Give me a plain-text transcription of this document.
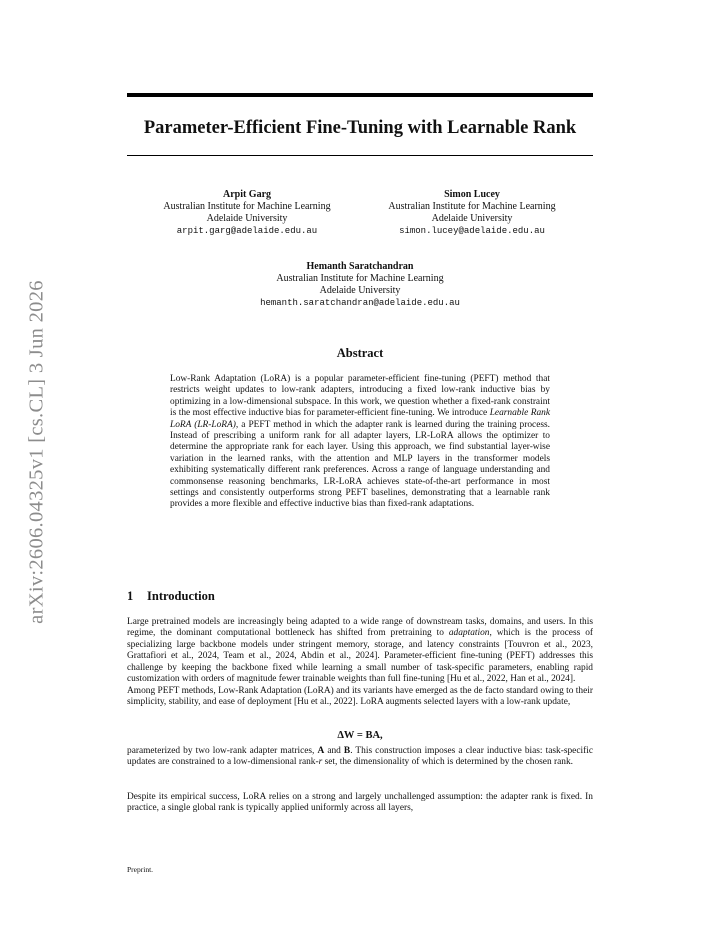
arXiv:2606.04325v1 [cs.CL] 3 Jun 2026
Parameter-Efficient Fine-Tuning with Learnable Rank
Arpit Garg
Australian Institute for Machine Learning
Adelaide University
arpit.garg@adelaide.edu.au
Simon Lucey
Australian Institute for Machine Learning
Adelaide University
simon.lucey@adelaide.edu.au
Hemanth Saratchandran
Australian Institute for Machine Learning
Adelaide University
hemanth.saratchandran@adelaide.edu.au
Abstract
Low-Rank Adaptation (LoRA) is a popular parameter-efficient fine-tuning (PEFT) method that restricts weight updates to low-rank adapters, introducing a fixed low-rank inductive bias by optimizing in a low-dimensional subspace. In this work, we question whether a fixed-rank constraint is the most effective inductive bias for parameter-efficient fine-tuning. We introduce Learnable Rank LoRA (LR-LoRA), a PEFT method in which the adapter rank is learned during the training process. Instead of prescribing a uniform rank for all adapter layers, LR-LoRA allows the optimizer to determine the appropriate rank for each layer. Using this approach, we find substantial layer-wise variation in the learned ranks, with the attention and MLP layers in the transformer models exhibiting systematically different rank preferences. Across a range of language understanding and commonsense reasoning benchmarks, LR-LoRA achieves state-of-the-art performance in most settings and consistently outperforms strong PEFT baselines, demonstrating that a learnable rank provides a more flexible and effective inductive bias than fixed-rank adaptations.
1 Introduction
Large pretrained models are increasingly being adapted to a wide range of downstream tasks, domains, and users. In this regime, the dominant computational bottleneck has shifted from pretraining to adaptation, which is the process of specializing large backbone models under stringent memory, storage, and latency constraints [Touvron et al., 2023, Grattafiori et al., 2024, Team et al., 2024, Abdin et al., 2024]. Parameter-efficient fine-tuning (PEFT) addresses this challenge by keeping the backbone fixed while learning a small number of task-specific parameters, enabling rapid customization with orders of magnitude fewer trainable weights than full fine-tuning [Hu et al., 2022, Han et al., 2024].
Among PEFT methods, Low-Rank Adaptation (LoRA) and its variants have emerged as the de facto standard owing to their simplicity, stability, and ease of deployment [Hu et al., 2022]. LoRA augments selected layers with a low-rank update,
ΔW = BA,
parameterized by two low-rank adapter matrices, A and B. This construction imposes a clear inductive bias: task-specific updates are constrained to a low-dimensional rank-r set, the dimensionality of which is determined by the chosen rank.
Despite its empirical success, LoRA relies on a strong and largely unchallenged assumption: the adapter rank is fixed. In practice, a single global rank is typically applied uniformly across all layers,
Preprint.
